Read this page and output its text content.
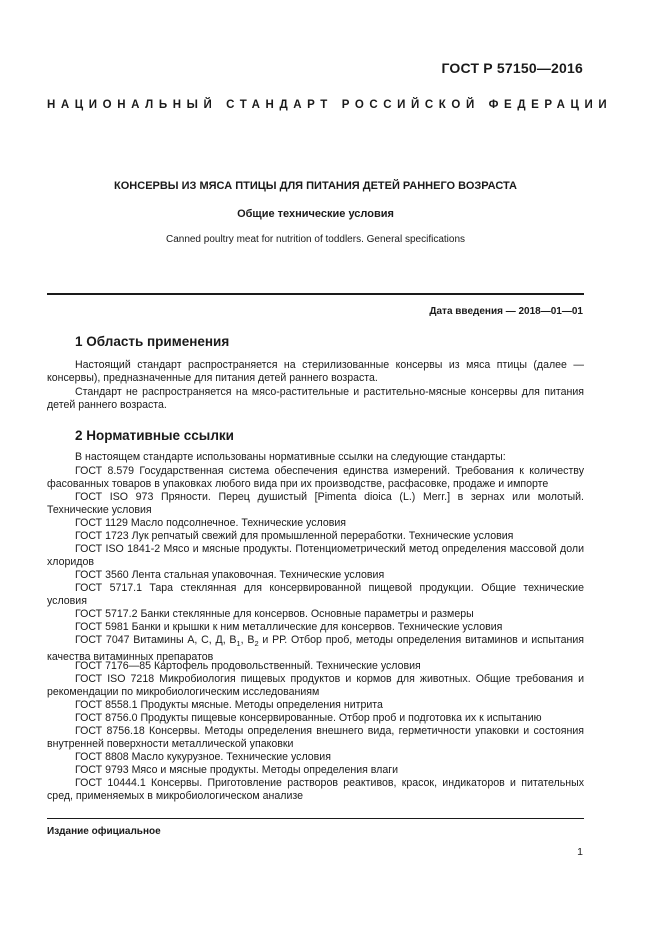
ГОСТ Р 57150—2016
НАЦИОНАЛЬНЫЙ СТАНДАРТ РОССИЙСКОЙ ФЕДЕРАЦИИ
КОНСЕРВЫ ИЗ МЯСА ПТИЦЫ ДЛЯ ПИТАНИЯ ДЕТЕЙ РАННЕГО ВОЗРАСТА
Общие технические условия
Canned poultry meat for nutrition of toddlers. General specifications
Дата введения — 2018—01—01
1 Область применения
Настоящий стандарт распространяется на стерилизованные консервы из мяса птицы (далее — консервы), предназначенные для питания детей раннего возраста.
Стандарт не распространяется на мясо-растительные и растительно-мясные консервы для питания детей раннего возраста.
2 Нормативные ссылки
В настоящем стандарте использованы нормативные ссылки на следующие стандарты:
ГОСТ 8.579 Государственная система обеспечения единства измерений. Требования к количеству фасованных товаров в упаковках любого вида при их производстве, расфасовке, продаже и импорте
ГОСТ ISO 973 Пряности. Перец душистый [Pimenta dioica (L.) Merr.] в зернах или молотый. Технические условия
ГОСТ 1129 Масло подсолнечное. Технические условия
ГОСТ 1723 Лук репчатый свежий для промышленной переработки. Технические условия
ГОСТ ISO 1841-2 Мясо и мясные продукты. Потенциометрический метод определения массовой доли хлоридов
ГОСТ 3560 Лента стальная упаковочная. Технические условия
ГОСТ 5717.1 Тара стеклянная для консервированной пищевой продукции. Общие технические условия
ГОСТ 5717.2 Банки стеклянные для консервов. Основные параметры и размеры
ГОСТ 5981 Банки и крышки к ним металлические для консервов. Технические условия
ГОСТ 7047 Витамины А, С, Д, $В_1$, $В_2$ и РР. Отбор проб, методы определения витаминов и испытания качества витаминных препаратов
ГОСТ 7176—85 Картофель продовольственный. Технические условия
ГОСТ ISO 7218 Микробиология пищевых продуктов и кормов для животных. Общие требования и рекомендации по микробиологическим исследованиям
ГОСТ 8558.1 Продукты мясные. Методы определения нитрита
ГОСТ 8756.0 Продукты пищевые консервированные. Отбор проб и подготовка их к испытанию
ГОСТ 8756.18 Консервы. Методы определения внешнего вида, герметичности упаковки и состояния внутренней поверхности металлической упаковки
ГОСТ 8808 Масло кукурузное. Технические условия
ГОСТ 9793 Мясо и мясные продукты. Методы определения влаги
ГОСТ 10444.1 Консервы. Приготовление растворов реактивов, красок, индикаторов и питательных сред, применяемых в микробиологическом анализе
Издание официальное
1
